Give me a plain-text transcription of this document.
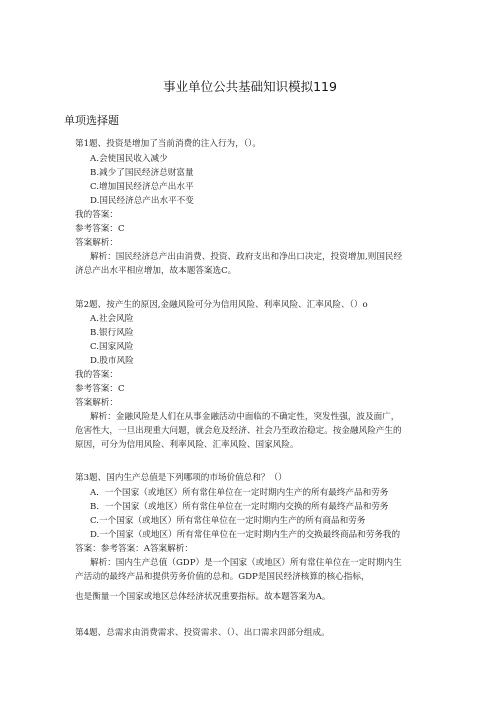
事业单位公共基础知识模拟119
单项选择题
第1题、投资是增加了当前消费的注入行为，（）。
A.会使国民收入减少
B.减少了国民经济总财富量
C.增加国民经济总产出水平
D.国民经济总产出水平不变
我的答案：
参考答案：C
答案解析：
解析：国民经济总产出由消费、投资、政府支出和净出口决定，投资增加,则国民经
济总产出水平相应增加，故本题答案选C。
第2题、按产生的原因,金融风险可分为信用风险、利率风险、汇率风险、（）o
A.社会风险
B.银行风险
C.国家风险
D.股市风险
我的答案：
参考答案：C
答案解析：
解析：金融风险是人们在从事金融活动中面临的不确定性，突发性强，波及面广，
危害性大，一旦出现重大问题，就会危及经济、社会乃至政治稳定。按金融风险产生的
原因，可分为信用风险、利率风险、汇率风险、国家风险。
第3题、国内生产总值是下列哪项的市场价值总和？（）
A．一个国家（或地区）所有常住单位在一定时期内生产的所有最终产品和劳务
B．一个国家（或地区）所有常住单位在一定时期内交换的所有最终产品和劳务
C.一个国家（或地区）所有常住单位在一定时期内生产的所有商品和劳务
D.一个国家（或地区）所有常住单位在一定时期内生产的交换最终商品和劳务我的
答案：参考答案：A答案解析：
解析：国内生产总值（GDP）是一个国家（或地区）所有常住单位在一定时期内生
产活动的最终产品和提供劳务价值的总和。GDP是国民经济核算的核心指标，
也是衡量一个国家或地区总体经济状况重要指标。故本题答案为A。
第4题、总需求由消费需求、投资需求、（）、出口需求四部分组成。
